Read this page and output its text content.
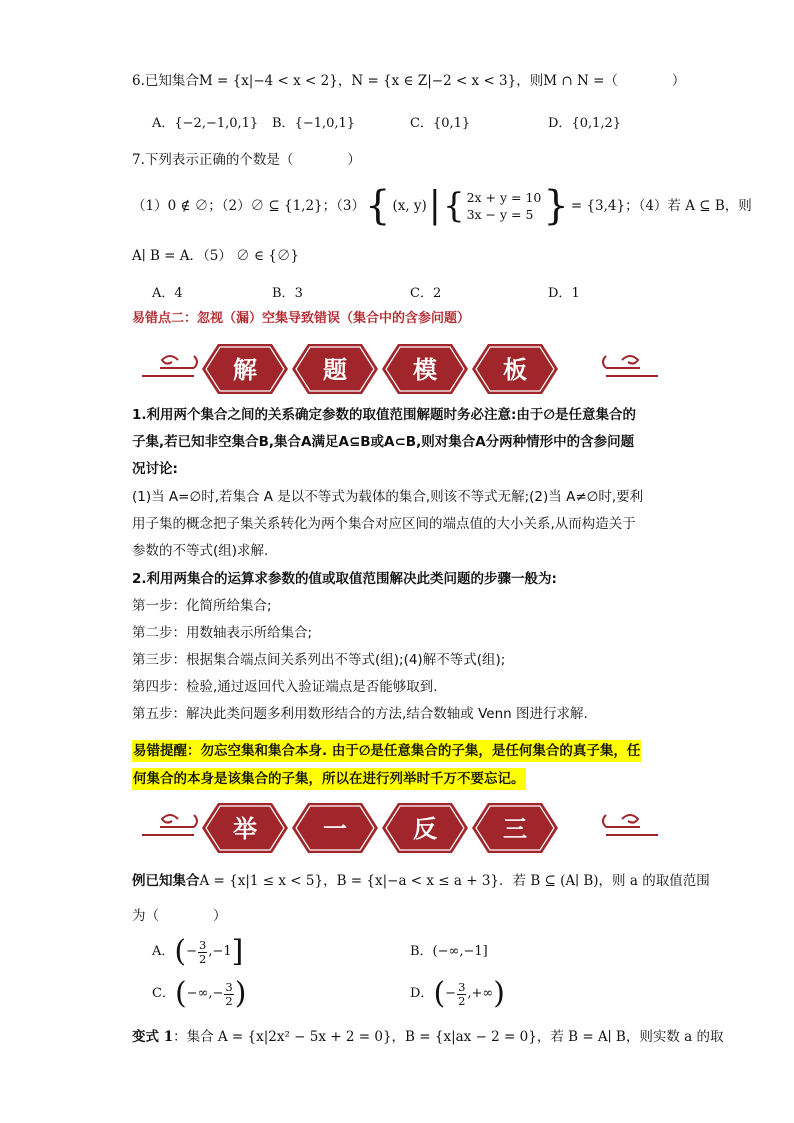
6.已知集合M = {x|−4 < x < 2}，N = {x ∈ Z|−2 < x < 3}，则M ∩ N =（　　　　）
A．{−2,−1,0,1} B．{−1,0,1}	C．{0,1}	D．{0,1,2}
7.下列表示正确的个数是（　　　　）
（1）0 ∉ ∅；（2）∅ ⊆ {1,2}；（3） { (x, y) | { 2x + y = 10
3x − y = 5 } = {3,4}；（4）若 A ⊆ B，则
A∣ B = A．（5） ∅ ∈ {∅}
A．4	B．3	C．2	D．1
易错点二：忽视（漏）空集导致错误（集合中的含参问题）
解	题	模	板
1.利用两个集合之间的关系确定参数的取值范围解题时务必注意:由于∅是任意集合的
子集,若已知非空集合B,集合A满足A⊆B或A⊂B,则对集合A分两种情形中的含参问题
况讨论:
(1)当 A=∅时,若集合 A 是以不等式为载体的集合,则该不等式无解;(2)当 A≠∅时,要利
用子集的概念把子集关系转化为两个集合对应区间的端点值的大小关系,从而构造关于
参数的不等式(组)求解.
2.利用两集合的运算求参数的值或取值范围解决此类问题的步骤一般为:
第一步：化简所给集合;
第二步：用数轴表示所给集合;
第三步：根据集合端点间关系列出不等式(组);(4)解不等式(组);
第四步：检验,通过返回代入验证端点是否能够取到.
第五步：解决此类问题多利用数形结合的方法,结合数轴或 Venn 图进行求解.
易错提醒：勿忘空集和集合本身. 由于∅是任意集合的子集，是任何集合的真子集，任
何集合的本身是该集合的子集，所以在进行列举时千万不要忘记。
举	一	反	三
例已知集合A = {x|1 ≤ x < 5}，B = {x|−a < x ≤ a + 3}．若 B ⊆ (A∣ B)，则 a 的取值范围
为（　　　　）
A． ( − $\frac{3}{2} ,-1$ ]	B．(−∞,−1]
C． ( −∞,− $\frac{3}{2}$ )	D． ( − $\frac{3}{2}$ ,+∞ )
变式 1：集合 A = {x|2x² − 5x + 2 = 0}，B = {x|ax − 2 = 0}，若 B = A∣ B，则实数 a 的取
